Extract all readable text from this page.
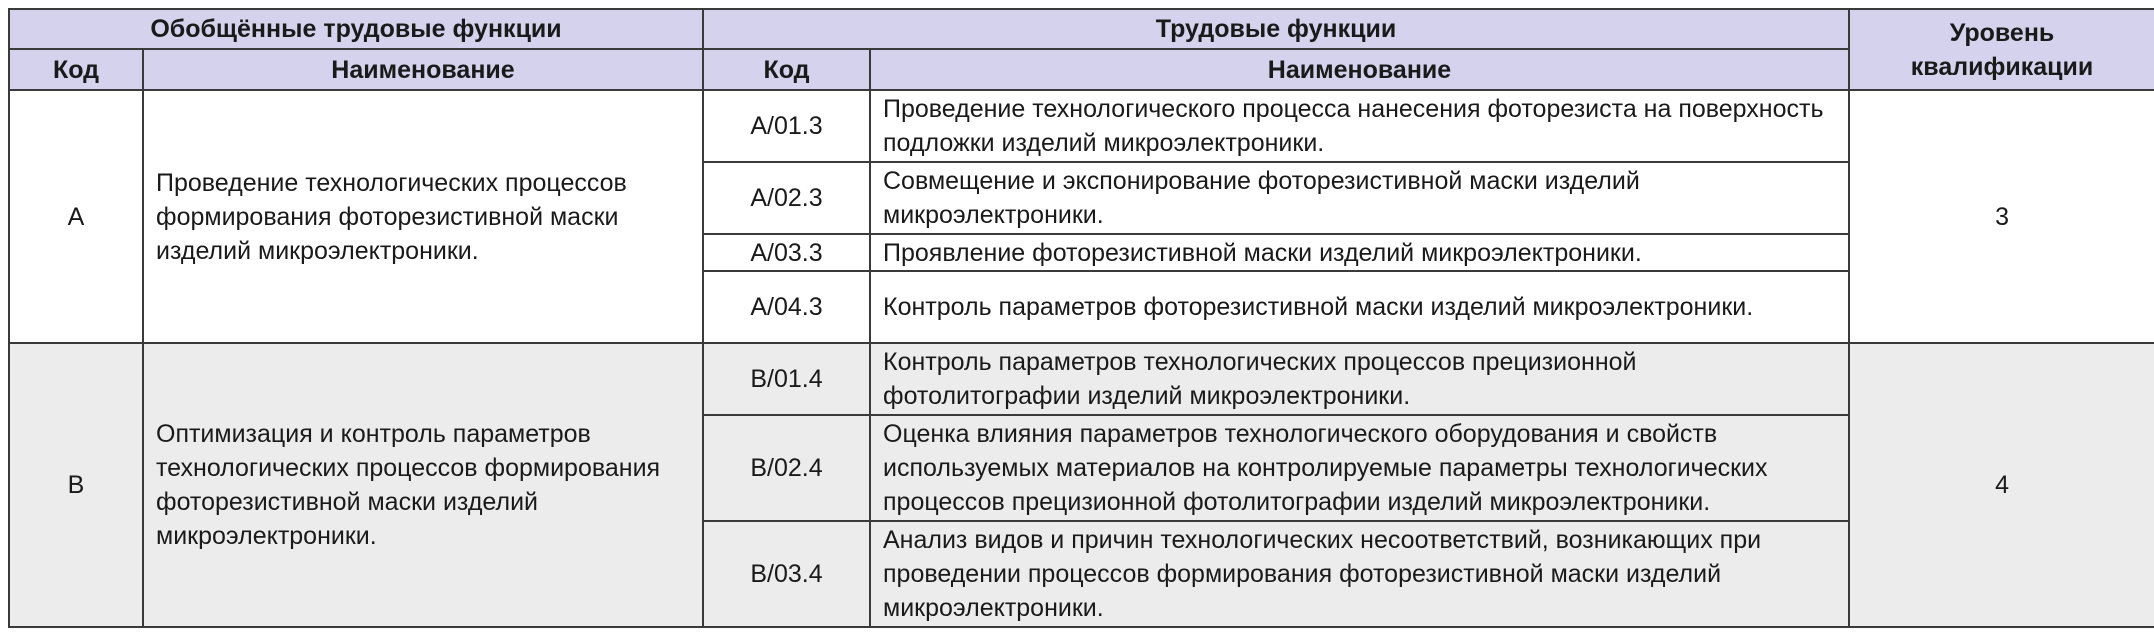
Обобщённые трудовые функции		Трудовые функции		Уровень квалификации
Код	Наименование	Код	Наименование	
A	Проведение технологических процессов формирования фоторезистивной маски изделий микроэлектроники.	A/01.3	Проведение технологического процесса нанесения фоторезиста на поверхность подложки изделий микроэлектроники.	3
		A/02.3	Совмещение и экспонирование фоторезистивной маски изделий микроэлектроники.	
		A/03.3	Проявление фоторезистивной маски изделий микроэлектроники.	
		A/04.3	Контроль параметров фоторезистивной маски изделий микроэлектроники.	
B	Оптимизация и контроль параметров технологических процессов формирования фоторезистивной маски изделий микроэлектроники.	B/01.4	Контроль параметров технологических процессов прецизионной фотолитографии изделий микроэлектроники.	4
		B/02.4	Оценка влияния параметров технологического оборудования и свойств используемых материалов на контролируемые параметры технологических процессов прецизионной фотолитографии изделий микроэлектроники.	
		B/03.4	Анализ видов и причин технологических несоответствий, возникающих при проведении процессов формирования фоторезистивной маски изделий микроэлектроники.	
